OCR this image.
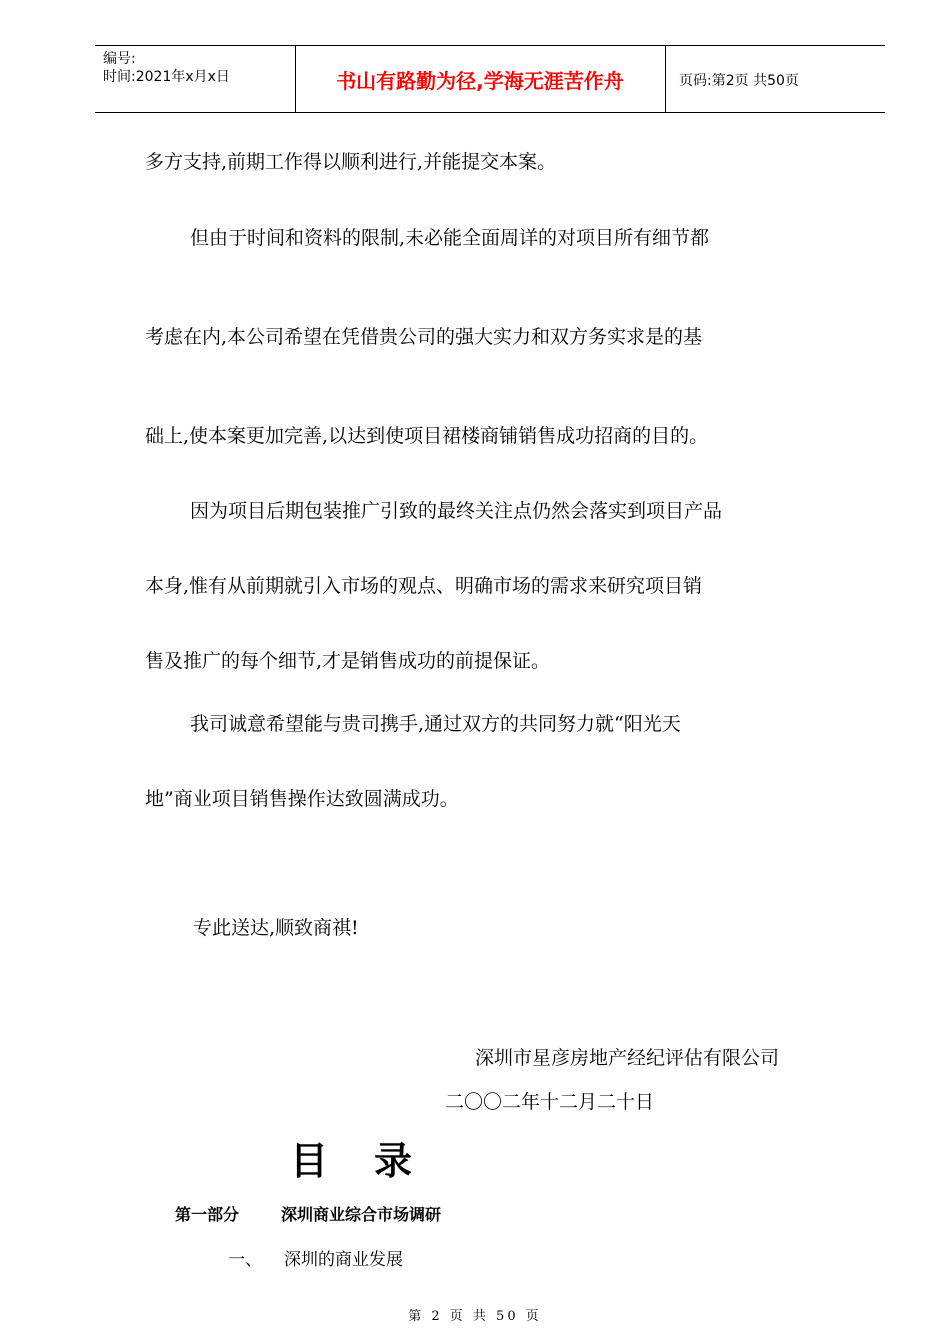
编号:
时间:2021年x月x日	书山有路勤为径,学海无涯苦作舟	页码:第2页 共50页
多方支持,前期工作得以顺利进行,并能提交本案。
但由于时间和资料的限制,未必能全面周详的对项目所有细节都
考虑在内,本公司希望在凭借贵公司的强大实力和双方务实求是的基
础上,使本案更加完善,以达到使项目裙楼商铺销售成功招商的目的。
因为项目后期包装推广引致的最终关注点仍然会落实到项目产品
本身,惟有从前期就引入市场的观点、明确市场的需求来研究项目销
售及推广的每个细节,才是销售成功的前提保证。
我司诚意希望能与贵司携手,通过双方的共同努力就“阳光天
地”商业项目销售操作达致圆满成功。
专此送达,顺致商祺!
深圳市星彦房地产经纪评估有限公司
二〇〇二年十二月二十日
目录
第一部分	深圳商业综合市场调研
一、 深圳的商业发展
第 2 页 共 50 页
